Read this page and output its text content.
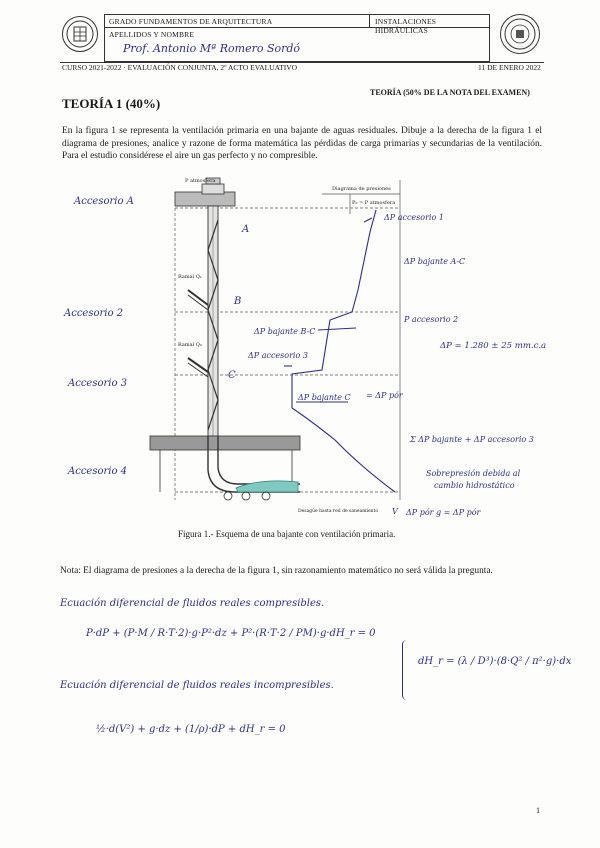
GRADO FUNDAMENTOS DE ARQUITECTURA	INSTALACIONES HIDRÁULICAS
APELLIDOS Y NOMBRE
Prof. Antonio Mª Romero Sordó
CURSO 2021-2022 · EVALUACIÓN CONJUNTA, 2º ACTO EVALUATIVO	11 DE ENERO 2022
TEORÍA (50% DE LA NOTA DEL EXAMEN)
TEORÍA 1 (40%)
En la figura 1 se representa la ventilación primaria en una bajante de aguas residuales. Dibuje a la derecha de la figura 1 el diagrama de presiones, analice y razone de forma matemática las pérdidas de carga primarias y secundarias de la ventilación. Para el estudio considérese el aire un gas perfecto y no compresible.
P atmosfera
Diagrama de presiones
P₀ = P atmosfera
Ramal Q₁
Ramal Q₂
Desagüe hasta red de saneamiento
Accesorio A
Accesorio 2
Accesorio 3
Accesorio 4
A
B
C
ΔP accesorio 1
ΔP bajante A-C
P accesorio 2
ΔP bajante B-C
ΔP accesorio 3
ΔP = 1.280 ± 25 mm.c.a
ΔP bajante C = ΔP pór
Σ ΔP bajante + ΔP accesorio 3
Sobrepresión debida al
cambio hidrostático
ΔP pór g = ΔP pór
V
Figura 1.- Esquema de una bajante con ventilación primaria.
Nota: El diagrama de presiones a la derecha de la figura 1, sin razonamiento matemático no será válida la pregunta.
Ecuación diferencial de fluidos reales compresibles.
P·dP + (P·M / R·T·2)·g·P²·dz + P²·(R·T·2 / PM)·g·dH_r = 0
Ecuación diferencial de fluidos reales incompresibles.
½·d(V²) + g·dz + (1/ρ)·dP + dH_r = 0
dH_r = (λ / D³)·(8·Q² / π²·g)·dx
1
